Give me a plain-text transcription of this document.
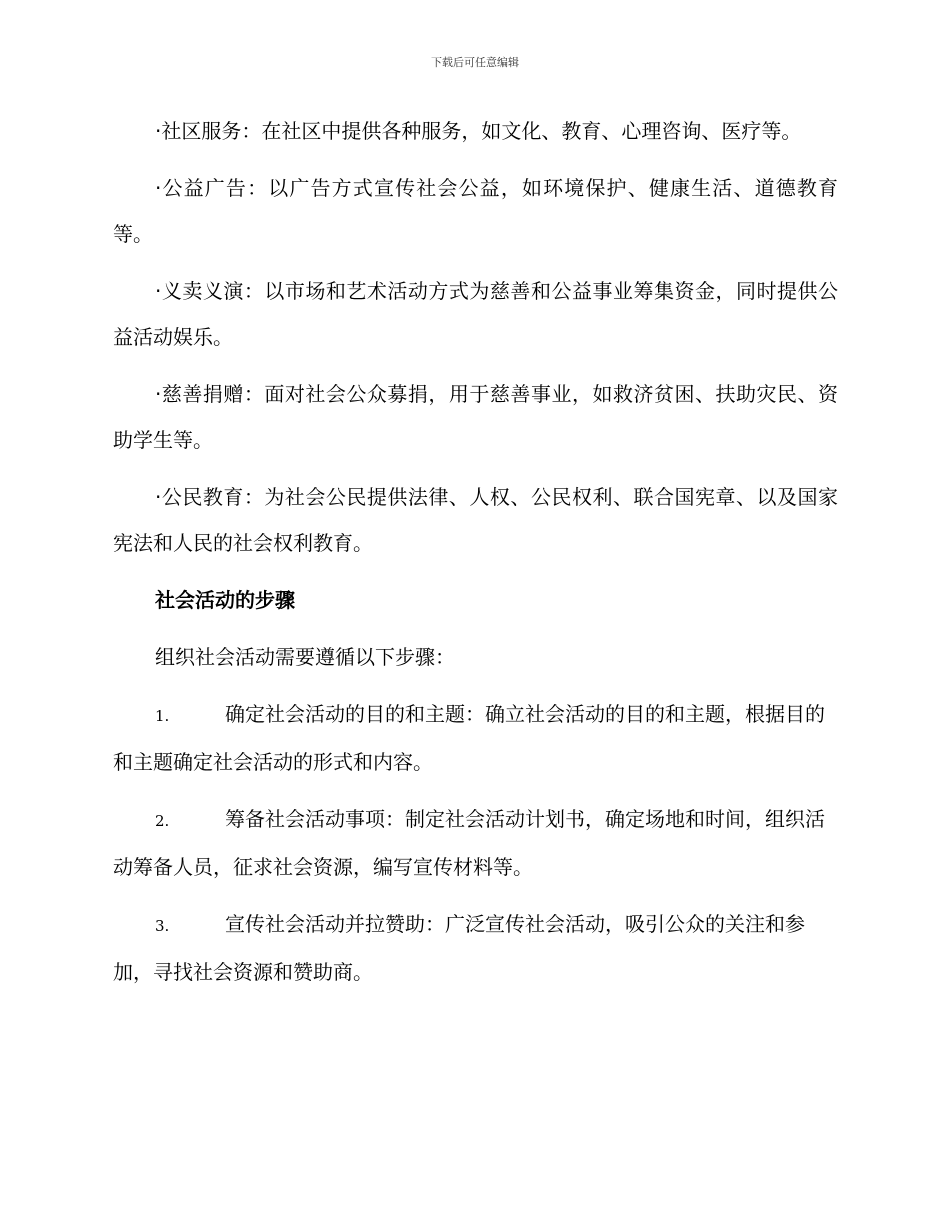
下载后可任意编辑

·社区服务：在社区中提供各种服务，如文化、教育、心理咨询、医疗等。

·公益广告：以广告方式宣传社会公益，如环境保护、健康生活、道德教育等。

·义卖义演：以市场和艺术活动方式为慈善和公益事业筹集资金，同时提供公益活动娱乐。

·慈善捐赠：面对社会公众募捐，用于慈善事业，如救济贫困、扶助灾民、资助学生等。

·公民教育：为社会公民提供法律、人权、公民权利、联合国宪章、以及国家宪法和人民的社会权利教育。

社会活动的步骤

组织社会活动需要遵循以下步骤：

1.	确定社会活动的目的和主题：确立社会活动的目的和主题，根据目的和主题确定社会活动的形式和内容。

2.	筹备社会活动事项：制定社会活动计划书，确定场地和时间，组织活动筹备人员，征求社会资源，编写宣传材料等。

3.	宣传社会活动并拉赞助：广泛宣传社会活动，吸引公众的关注和参加，寻找社会资源和赞助商。
